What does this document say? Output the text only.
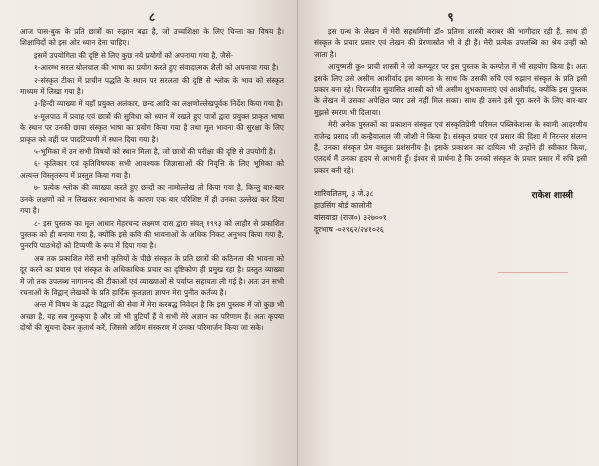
८

आज पास-बुक के प्रति छात्रों का रुझान बढ़ा है, जो उच्चशिक्षा के लिए चिन्ता का विषय है। शिक्षाविदों को इस ओर ध्यान देना चाहिए।

इसमें उपयोगिता की दृष्टि से लिए कुछ नये प्रयोगों को अपनाया गया है, जैसे-

१-आरम्भ सरल बोलचाल की भाषा का प्रयोग करते हुए संवादात्मक शैली को अपनाया गया है।

२-संस्कृत टीका में प्राचीन पद्धति के स्थान पर सरलता की दृष्टि से श्लोक के भाव को संस्कृत माध्यम में लिखा गया है।

३-हिन्दी व्याख्या में यहाँ प्रयुक्त अलंकार, छन्द आदि का लक्षणोल्लेखपूर्वक निर्देश किया गया है।

४-मूलपाठ में प्रवाह एवं छात्रों की सुविधा को ध्यान में रखते हुए पात्रों द्वारा प्रयुक्त प्राकृत भाषा के स्थान पर उनकी छाया संस्कृत भाषा का प्रयोग किया गया है तथा मूल भावना की सुरक्षा के लिए प्राकृत को वहीं पर पादटिप्पणी में स्थान दिया गया है।

५-भूमिका में उन सभी विषयों को स्थान मिला है, जो छात्रों की परीक्षा की दृष्टि से उपयोगी है।

६- कृतिकार एवं कृतिविषयक सभी आवश्यक जिज्ञासाओं की निवृत्ति के लिए भूमिका को अत्यन्त विस्तृतरूप में प्रस्तुत किया गया है।

७- प्रत्येक श्लोक की व्याख्या करते हुए छन्दों का नामोल्लेख तो किया गया है, किन्तु बार-बार उनके लक्षणों को न लिखकर स्थानाभाव के कारण एक बार परिशिष्ट में ही उनका उल्लेख कर दिया गया है।

८- इस पुस्तक का मूल आधार मेहरचन्द लक्ष्मण दास द्वारा संवत् १९९३ को लाहौर से प्रकाशित पुस्तक को ही बनाया गया है, क्योंकि इसे कवि की भावनाओं के अधिक निकट अनुभव किया गया है, पुनरपि पाठभेदों को टिप्पणी के रूप में दिया गया है।

अब तक प्रकाशित मेरी सभी कृतियों के पीछे संस्कृत के प्रति छात्रों की कठिनता की भावना को दूर करने का प्रयास एवं संस्कृत के अधिकाधिक प्रचार का दृष्टिकोण ही प्रमुख रहा है। प्रस्तुत व्याख्या में जो तक उपलब्ध नागानन्द की टीकाओं एवं व्याख्याओं से पर्याप्त सहायता ली गई है। अतः उन सभी रचनाओं के विद्वान् लेखकों के प्रति हार्दिक कृतज्ञता ज्ञापन मेरा पुनीत कर्तव्य है।

अन्त में विषय के उद्भट विद्वानों की सेवा में मेरा करबद्ध निवेदन है कि इस पुस्तक में जो कुछ भी अच्छा है, वह सब गुरुकृपा है और जो भी त्रुटियाँ हैं वे सभी मेरे अज्ञान का परिणाम हैं। अतः कृपया दोषों की सूचना देकर कृतार्थ करें, जिससे अग्रिम संस्करण में उनका परिमार्जन किया जा सके।

९

इस ग्रन्थ के लेखन में मेरी सहधर्मिणी डॉ० प्रतिमा शास्त्री बराबर की भागीदार रही हैं, साथ ही संस्कृत के प्रचार प्रसार एवं लेखन की प्रेरणास्रोत भी वे ही हैं। मेरी प्रत्येक उपलब्धि का श्रेय उन्हीं को जाता है।

आयुष्मती कु० प्राची शास्त्री ने जो कम्प्यूटर पर इस पुस्तक के कम्पोज में भी सहयोग किया है। अतः इसके लिए उसे असीम आशीर्वाद इस कामना के साथ कि उसकी रुचि एवं रुझान संस्कृत के प्रति इसी प्रकार बना रहे। चिरञ्जीव सुवासित शास्त्री को भी असीम शुभकामनाएं एवं आशीर्वाद, क्योंकि इस पुस्तक के लेखन में उसका अपेक्षित प्यार उसे नहीं मिल सका। साथ ही उसने इसे पूरा करने के लिए बार-बार मुझसे स्मरण भी दिलाया।

मेरी अनेक पुस्तकों का प्रकाशन संस्कृत एवं संस्कृतिप्रेमी परिमल पब्लिकेशन्स के स्वामी आदरणीय राजेन्द्र प्रसाद जी कन्हैयालाल जी जोशी ने किया है। संस्कृत प्रचार एवं प्रसार की दिशा में निरन्तर संलग्न हैं, उनका संस्कृत प्रेम वस्तुतः प्रशंसनीय है। इसके प्रकाशन का दायित्व भी उन्होंने ही स्वीकार किया, एतदर्थ मैं उनका हृदय से आभारी हूँ। ईश्वर से प्रार्थना है कि उनको संस्कृत के प्रचार प्रसार में रुचि इसी प्रकार बनी रहे।

शारिवलितम्, ३ जे.३८
हाउसिंग बोर्ड कालोनी
बांसवाडा (राज०) ३२७००१
दूरभाष -०२९६२/२४१०२६
राकेश शास्त्री
